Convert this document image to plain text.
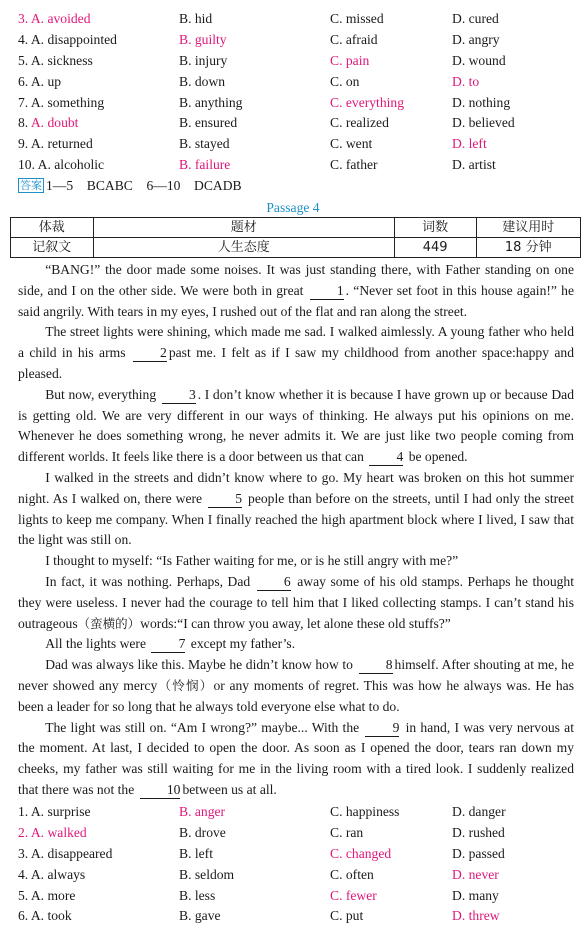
3. A. avoided	B. hid	C. missed	D. cured
4. A. disappointed	B. guilty	C. afraid	D. angry
5. A. sickness	B. injury	C. pain	D. wound
6. A. up	B. down	C. on	D. to
7. A. something	B. anything	C. everything	D. nothing
8. A. doubt	B. ensured	C. realized	D. believed
9. A. returned	B. stayed	C. went	D. left
10. A. alcoholic	B. failure	C. father	D. artist
答案 1—5　BCABC　6—10　DCADB
Passage 4
体裁	题材	词数	建议用时
记叙文	人生态度	449	18 分钟

“BANG!” the door made some noises. It was just standing there, with Father standing on one side, and I on the other side. We were both in great 1 . “Never set foot in this house again!” he said angrily. With tears in my eyes, I rushed out of the flat and ran along the street.

The street lights were shining, which made me sad. I walked aimlessly. A young father who held a child in his arms	2 past me. I felt as if I saw my childhood from another space:happy and pleased.

But now, everything 3 . I don’t know whether it is because I have grown up or because Dad is getting old. We are very different in our ways of thinking. He always put his opinions on me. Whenever he does something wrong, he never admits it. We are just like two people coming from different worlds. It feels like there is a door between us that can 4 be opened.

I walked in the streets and didn’t know where to go. My heart was broken on this hot summer night. As I walked on, there were 5 people than before on the streets, until I had only the street lights to keep me company. When I finally reached the high apartment block where I lived, I saw that the light was still on.

I thought to myself: “Is Father waiting for me, or is he still angry with me?”

In fact, it was nothing. Perhaps, Dad 6 away some of his old stamps. Perhaps he thought they were useless. I never had the courage to tell him that I liked collecting stamps. I can’t stand his outrageous（蛮横的）words:“I can throw you away, let alone these old stuffs?”

All the lights were 7 except my father’s.

Dad was always like this. Maybe he didn’t know how to 8 himself. After shouting at me, he never showed any mercy（怜悯）or any moments of regret. This was how he always was. He has been a leader for so long that he always told everyone else what to do.

The light was still on. “Am I wrong?” maybe... With the 9 in hand, I was very nervous at the moment. At last, I decided to open the door. As soon as I opened the door, tears ran down my cheeks, my father was still waiting for me in the living room with a tired look. I suddenly realized that there was not the 10 between us at all.

1. A. surprise	B. anger	C. happiness	D. danger
2. A. walked	B. drove	C. ran	D. rushed
3. A. disappeared	B. left	C. changed	D. passed
4. A. always	B. seldom	C. often	D. never
5. A. more	B. less	C. fewer	D. many
6. A. took	B. gave	C. put	D. threw
